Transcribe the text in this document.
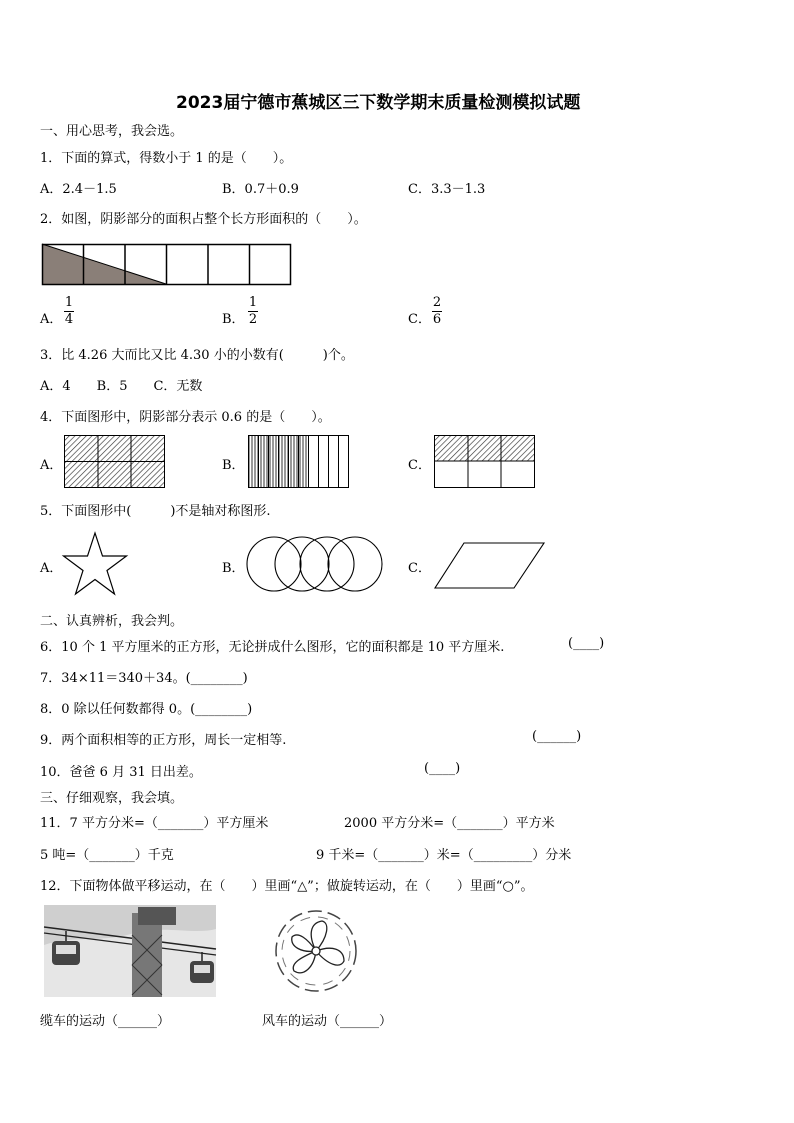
2023届宁德市蕉城区三下数学期末质量检测模拟试题
一、用心思考，我会选。
1．下面的算式，得数小于 1 的是（　　）。
A．2.4－1.5	B．0.7＋0.9	C．3.3－1.3
2．如图，阴影部分的面积占整个长方形面积的（　　）。
A．
1
4	B．
1
2	C．
2
6
3．比 4.26 大而比又比 4.30 小的小数有(　　　)个。
A．4　　B．5　　C．无数
4．下面图形中，阴影部分表示 0.6 的是（　　）。
A．	B．	C．
5．下面图形中(　　　)不是轴对称图形.
A．	B．	C．
二、认真辨析，我会判。
6．10 个 1 平方厘米的正方形，无论拼成什么图形，它的面积都是 10 平方厘米.	(____)
7．34×11＝340＋34。(________)
8．0 除以任何数都得 0。(________)
9．两个面积相等的正方形，周长一定相等.	(______)
10．爸爸 6 月 31 日出差。	(____)
三、仔细观察，我会填。
11．7 平方分米=（_______）平方厘米	2000 平方分米=（_______）平方米
5 吨=（_______）千克	9 千米=（_______）米=（_________）分米
12．下面物体做平移运动，在（　　）里画“△”；做旋转运动，在（　　）里画“○”。
缆车的运动（______）	风车的运动（______）
